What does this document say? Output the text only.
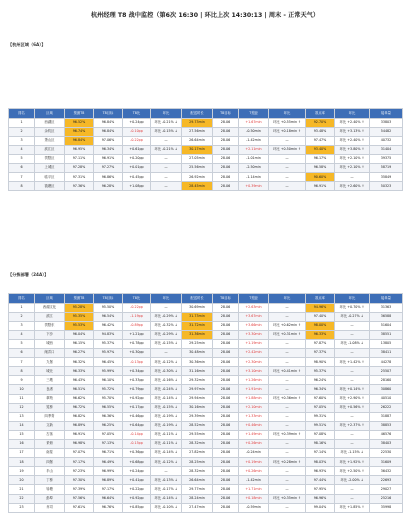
杭州经理 T8 战中监控（第6次 16:30 | 环比上次 14:30:13 | 周末 - 正常天气）
【杭州区域（6A）】
排名	区域	预测T8	T8目标	T8比	环比	配送时长	T8目标	T差距	环比	准点率	环比	接单量
1	西湖区	96.52%	96.84%	+0.24pp	环比 -0.21% ↓	29.73min	28.06	+1.67min	环比 +0.55min ↑	92.70%	环比 +2.40% ↑	33803
2	余杭区	96.74%	96.84%	-0.10pp	环比 -0.15% ↓	27.56min	28.06	-0.50min	环比 +0.18min ↑	93.48%	环比 +3.13% ↑	54482
3	萧山区	96.84%	97.06%	-0.22pp	—	26.64min	28.06	-1.42min	—	97.47%	环比 +2.40% ↑	40732
4	滨江区	96.95%	96.34%	+0.61pp	环比 -0.21% ↓	30.17min	28.06	+2.11min	环比 +0.50min ↑	93.40%	环比 +3.80% ↑	31404
5	拱墅区	97.11%	96.91%	+0.20pp	—	27.05min	28.06	-1.01min	—	96.17%	环比 +2.10% ↑	39375
6	上城区	97.28%	97.27%	+0.01pp	—	25.56min	28.06	-2.50min	—	96.58%	环比 +2.10% ↑	58719
7	临平区	97.31%	96.86%	+0.45pp	—	26.92min	28.06	-1.14min	—	90.60%	—	35849
8	钱塘区	97.36%	96.28%	+1.08pp	—	28.45min	28.06	+0.39min	—	96.91%	环比 +2.60% ↑	50323
【分拣部署（24A）】
排名	区域	预测T8	T8目标	T8比	环比	配送时长	T8目标	T差距	环比	准点率	环比	接单量
1	西湖文化	95.28%	95.50%	-0.22pp	—	30.69min	28.06	+2.63min	—	94.96%	环比 +0.70% ↑	31363
2	滨江	95.35%	96.54%	-1.19pp	环比 -0.29% ↓	31.73min	28.06	+3.67min	—	97.40%	环比 -0.27% ↓	36588
3	拱墅东	95.53%	96.42%	-0.89pp	环比 -0.32% ↓	31.72min	28.06	+3.66min	环比 +0.62min ↑	98.00%	—	51604
4	下沙	96.04%	94.83%	+1.21pp	环比 -0.29% ↓	31.36min	28.06	+3.30min	环比 +0.31min ↑	96.33%	—	38551
5	城西	96.15%	95.37%	+0.78pp	环比 -0.15% ↓	29.25min	28.06	+1.19min	—	97.87%	环比 -1.08% ↓	13805
6	闸弄口	96.27%	95.97%	+0.30pp	—	30.48min	28.06	+2.42min	—	97.37%	—	38411
7	九堡	96.32%	96.45%	-0.13pp	环比 -0.12% ↓	30.36min	28.06	+2.30min	—	98.90%	环比 +1.42% ↑	44278
8	城北	96.33%	95.99%	+0.34pp	环比 -0.30% ↓	31.16min	28.06	+3.10min	环比 +0.41min ↑	95.37%	—	25507
9	三墩	96.43%	96.10%	+0.33pp	环比 -0.16% ↓	29.32min	28.06	+1.26min	—	96.24%	—	28160
10	良渚	96.51%	95.72%	+0.79pp	环比 -0.24% ↓	29.97min	28.06	+1.91min	—	96.34%	环比 +0.14% ↑	30860
11	翠苑	96.62%	95.70%	+0.92pp	环比 -0.14% ↓	29.94min	28.06	+1.88min	环比 +0.36min ↑	97.60%	环比 +2.90% ↑	40510
12	笕桥	96.72%	96.55%	+0.17pp	环比 -0.15% ↓	30.16min	28.06	+2.10min	—	97.05%	环比 +0.56% ↑	26222
13	四季青	96.82%	96.36%	+0.46pp	环比 -0.19% ↓	29.39min	28.06	+1.33min	—	99.31%	—	31887
14	文新	96.89%	96.25%	+0.64pp	环比 -0.19% ↓	28.52min	28.06	+0.46min	—	99.51%	环比 +2.37% ↑	38853
15	古荡	96.91%	97.05%	-0.14pp	环比 -0.11% ↓	29.55min	28.06	+1.49min	环比 +0.39min ↑	97.08%	—	46576
16	采荷	96.98%	97.13%	-0.15pp	环比 -0.11% ↓	28.32min	28.06	+0.26min	—	98.16%	—	38403
17	南星	97.07%	96.71%	+0.36pp	环比 -0.14% ↓	27.82min	28.06	-0.24min	—	97.14%	环比 -1.15% ↓	22530
18	四堡	97.17%	96.49%	+0.68pp	环比 -0.12% ↓	28.25min	28.06	+0.19min	环比 +0.28min ↑	98.03%	环比 +1.92% ↑	31609
19	半山	97.23%	96.99%	+0.24pp	—	28.32min	28.06	+0.26min	—	96.93%	环比 +2.50% ↑	36432
20	丁桥	97.30%	96.89%	+0.41pp	环比 -0.13% ↓	26.64min	28.06	-1.42min	—	97.44%	环比 -2.00% ↓	22693
21	转塘	97.39%	97.17%	+0.22pp	环比 -0.17% ↓	29.77min	28.06	+1.71min	—	97.95%	—	29027
22	彭埠	97.56%	96.64%	+0.92pp	环比 -0.14% ↓	28.24min	28.06	+0.18min	环比 +0.35min ↑	96.96%	—	25216
23	乔司	97.61%	96.76%	+0.85pp	环比 -0.10% ↓	27.47min	28.06	-0.59min	—	99.04%	环比 +1.85% ↑	35998
